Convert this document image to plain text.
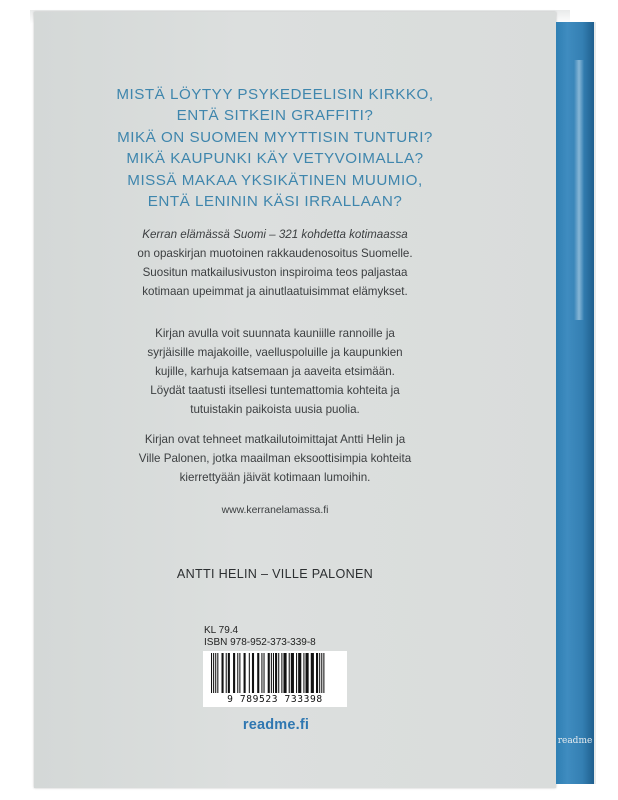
readme
MISTÄ LÖYTYY PSYKEDEELISIN KIRKKO,
ENTÄ SITKEIN GRAFFITI?
MIKÄ ON SUOMEN MYYTTISIN TUNTURI?
MIKÄ KAUPUNKI KÄY VETYVOIMALLA?
MISSÄ MAKAA YKSIKÄTINEN MUUMIO,
ENTÄ LENININ KÄSI IRRALLAAN?
Kerran elämässä Suomi – 321 kohdetta kotimaassa
on opaskirjan muotoinen rakkaudenosoitus Suomelle.
Suositun matkailusivuston inspiroima teos paljastaa
kotimaan upeimmat ja ainutlaatuisimmat elämykset.
Kirjan avulla voit suunnata kauniille rannoille ja
syrjäisille majakoille, vaelluspoluille ja kaupunkien
kujille, karhuja katsemaan ja aaveita etsimään.
Löydät taatusti itsellesi tuntemattomia kohteita ja
tutuistakin paikoista uusia puolia.
Kirjan ovat tehneet matkailutoimittajat Antti Helin ja
Ville Palonen, jotka maailman eksoottisimpia kohteita
kierrettyään jäivät kotimaan lumoihin.
www.kerranelamassa.fi
ANTTI HELIN – VILLE PALONEN
KL 79.4
ISBN 978-952-373-339-8
9 789523 733398
readme.fi
